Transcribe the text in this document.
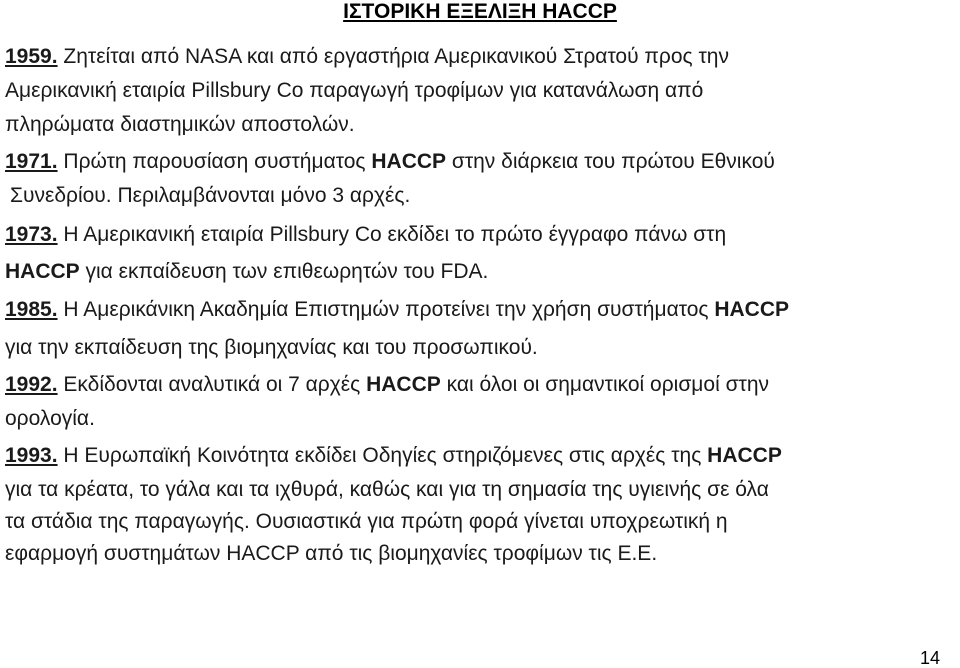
ΙΣΤΟΡΙΚΗ ΕΞΕΛΙΞΗ HACCP
1959. Ζητείται από NASA και από εργαστήρια Αμερικανικού Στρατού προς την
Αμερικανική εταιρία Pillsbury Co παραγωγή τροφίμων για κατανάλωση από
πληρώματα διαστημικών αποστολών.
1971. Πρώτη παρουσίαση συστήματος HACCP στην διάρκεια του πρώτου Εθνικού
Συνεδρίου. Περιλαμβάνονται μόνο 3 αρχές.
1973. Η Αμερικανική εταιρία Pillsbury Co εκδίδει το πρώτο έγγραφο πάνω στη
HACCP για εκπαίδευση των επιθεωρητών του FDA.
1985. Η Αμερικάνικη Ακαδημία Επιστημών προτείνει την χρήση συστήματος HACCP
για την εκπαίδευση της βιομηχανίας και του προσωπικού.
1992. Εκδίδονται αναλυτικά οι 7 αρχές HACCP και όλοι οι σημαντικοί ορισμοί στην
ορολογία.
1993. Η Ευρωπαϊκή Κοινότητα εκδίδει Οδηγίες στηριζόμενες στις αρχές της HACCP
για τα κρέατα, το γάλα και τα ιχθυρά, καθώς και για τη σημασία της υγιεινής σε όλα
τα στάδια της παραγωγής. Ουσιαστικά για πρώτη φορά γίνεται υποχρεωτική η
εφαρμογή συστημάτων HACCP από τις βιομηχανίες τροφίμων τις Ε.Ε.
14
